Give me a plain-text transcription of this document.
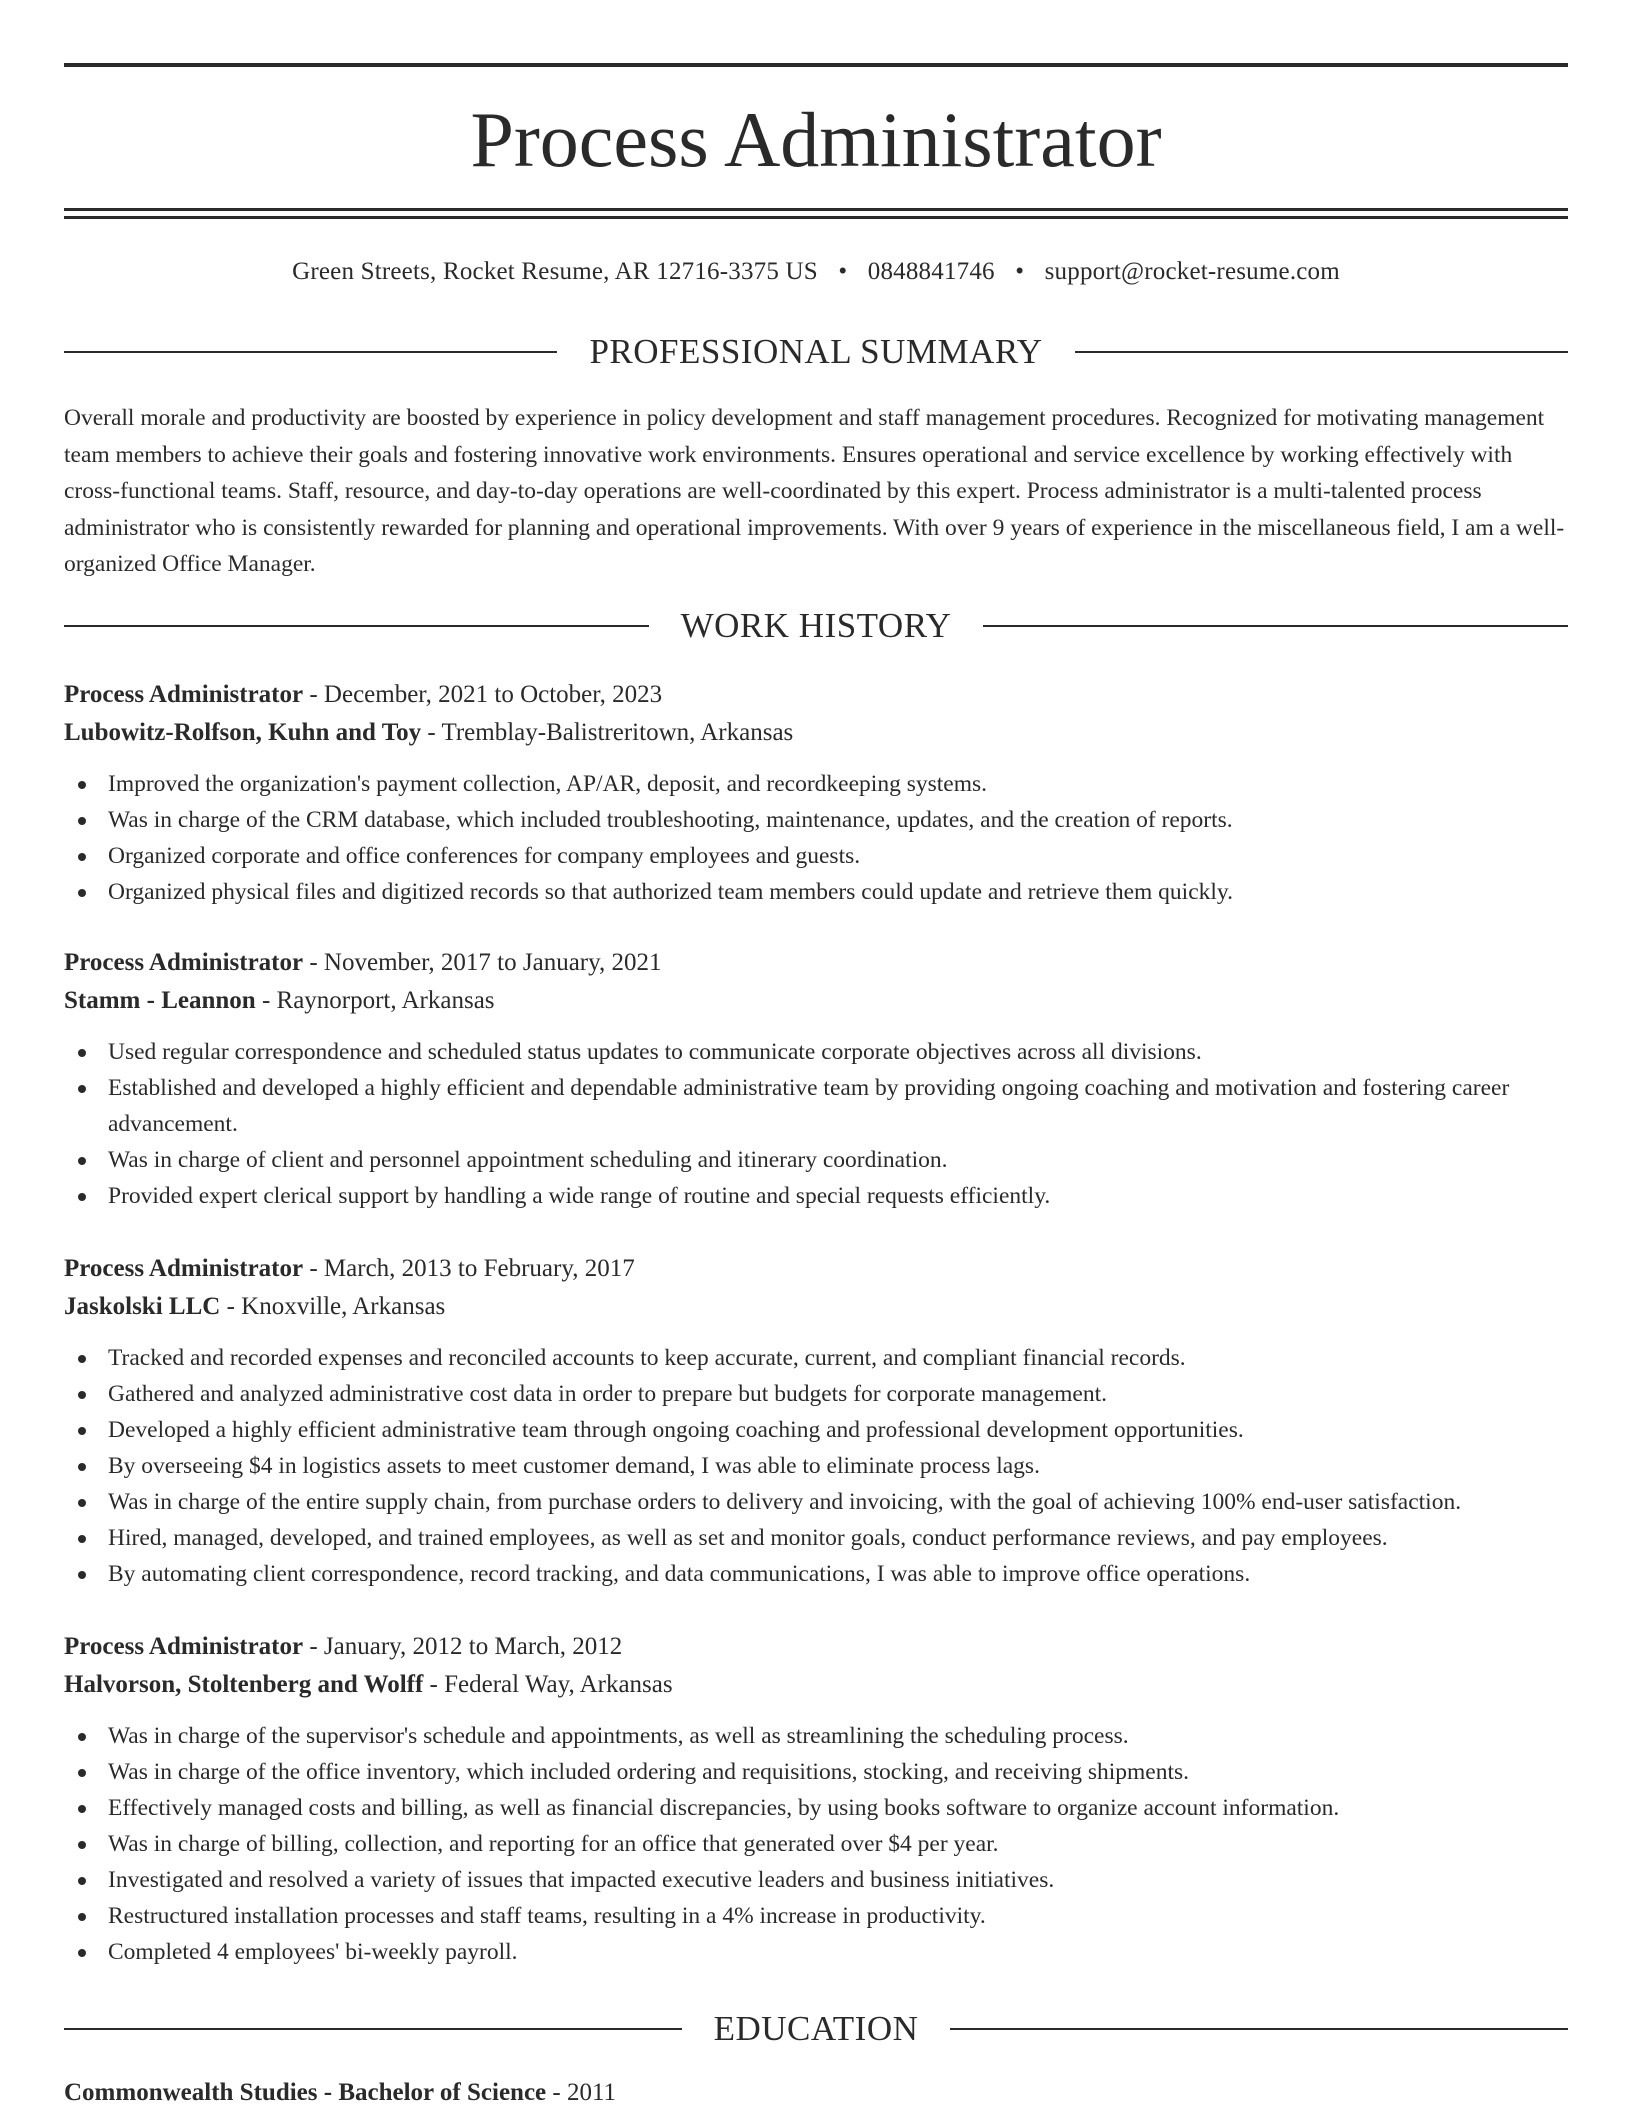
Process Administrator
Green Streets, Rocket Resume, AR 12716-3375 US • 0848841746 • support@rocket-resume.com
PROFESSIONAL SUMMARY

Overall morale and productivity are boosted by experience in policy development and staff management procedures. Recognized for motivating management team members to achieve their goals and fostering innovative work environments. Ensures operational and service excellence by working effectively with cross-functional teams. Staff, resource, and day-to-day operations are well-coordinated by this expert. Process administrator is a multi-talented process administrator who is consistently rewarded for planning and operational improvements. With over 9 years of experience in the miscellaneous field, I am a well-organized Office Manager.

WORK HISTORY
Process Administrator - December, 2021 to October, 2023
Lubowitz-Rolfson, Kuhn and Toy - Tremblay-Balistreritown, Arkansas
Improved the organization's payment collection, AP/AR, deposit, and recordkeeping systems.
Was in charge of the CRM database, which included troubleshooting, maintenance, updates, and the creation of reports.
Organized corporate and office conferences for company employees and guests.
Organized physical files and digitized records so that authorized team members could update and retrieve them quickly.
Process Administrator - November, 2017 to January, 2021
Stamm - Leannon - Raynorport, Arkansas
Used regular correspondence and scheduled status updates to communicate corporate objectives across all divisions.
Established and developed a highly efficient and dependable administrative team by providing ongoing coaching and motivation and fostering career advancement.
Was in charge of client and personnel appointment scheduling and itinerary coordination.
Provided expert clerical support by handling a wide range of routine and special requests efficiently.
Process Administrator - March, 2013 to February, 2017
Jaskolski LLC - Knoxville, Arkansas
Tracked and recorded expenses and reconciled accounts to keep accurate, current, and compliant financial records.
Gathered and analyzed administrative cost data in order to prepare but budgets for corporate management.
Developed a highly efficient administrative team through ongoing coaching and professional development opportunities.
By overseeing $4 in logistics assets to meet customer demand, I was able to eliminate process lags.
Was in charge of the entire supply chain, from purchase orders to delivery and invoicing, with the goal of achieving 100% end-user satisfaction.
Hired, managed, developed, and trained employees, as well as set and monitor goals, conduct performance reviews, and pay employees.
By automating client correspondence, record tracking, and data communications, I was able to improve office operations.
Process Administrator - January, 2012 to March, 2012
Halvorson, Stoltenberg and Wolff - Federal Way, Arkansas
Was in charge of the supervisor's schedule and appointments, as well as streamlining the scheduling process.
Was in charge of the office inventory, which included ordering and requisitions, stocking, and receiving shipments.
Effectively managed costs and billing, as well as financial discrepancies, by using books software to organize account information.
Was in charge of billing, collection, and reporting for an office that generated over $4 per year.
Investigated and resolved a variety of issues that impacted executive leaders and business initiatives.
Restructured installation processes and staff teams, resulting in a 4% increase in productivity.
Completed 4 employees' bi-weekly payroll.
EDUCATION
Commonwealth Studies - Bachelor of Science - 2011
